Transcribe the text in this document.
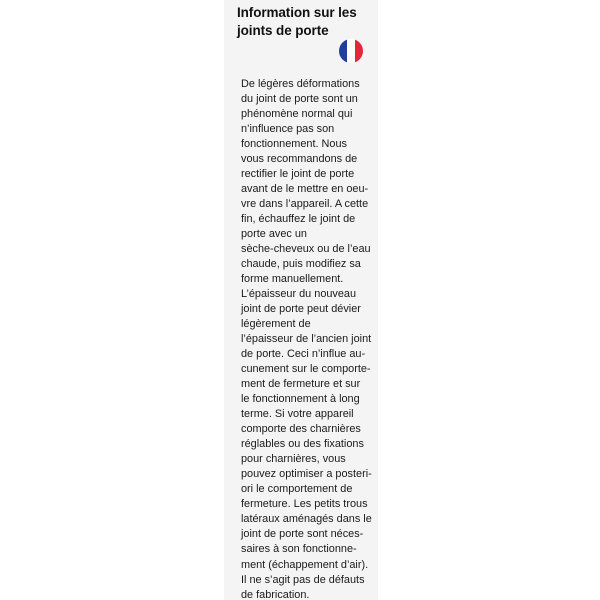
Information sur les
joints de porte
De légères déformations
du joint de porte sont un
phénomène normal qui
n’influence pas son
fonctionnement. Nous
vous recommandons de
rectifier le joint de porte
avant de le mettre en oeu-
vre dans l’appareil. A cette
fin, échauffez le joint de
porte avec un
sèche-cheveux ou de l’eau
chaude, puis modifiez sa
forme manuellement.
L’épaisseur du nouveau
joint de porte peut dévier
légèrement de
l’épaisseur de l’ancien joint
de porte. Ceci n’influe au-
cunement sur le comporte-
ment de fermeture et sur
le fonctionnement à long
terme. Si votre appareil
comporte des charnières
réglables ou des fixations
pour charnières, vous
pouvez optimiser a posteri-
ori le comportement de
fermeture. Les petits trous
latéraux aménagés dans le
joint de porte sont néces-
saires à son fonctionne-
ment (échappement d’air).
Il ne s’agit pas de défauts
de fabrication.
